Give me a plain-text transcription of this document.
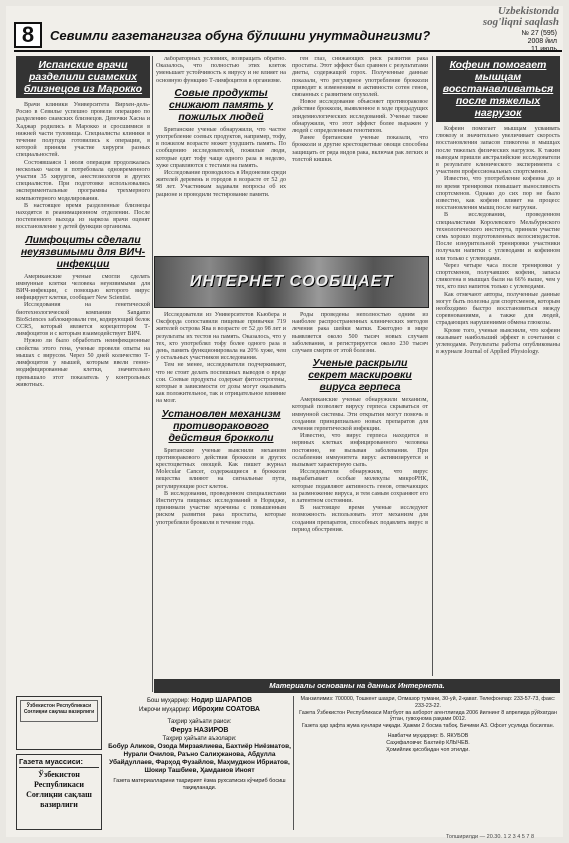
8	Севимли газетангизга обуна бўлишни унутмадингизми?
Uzbekistonda sog'liqni saqlash
№ 27 (595)
2008 йил
Испанские врачи разделили сиамских близнецов из Марокко

Врачи клиники Университета Вирхен-дель-Росио в Севилье успешно провели операцию по разделению сиамских близнецов. Девочки Хасна и Хаджар родились в Марокко и сросшимися в нижней части туловища. Специалисты клиники в течение полугода готовились к операции, в которой приняли участие хирурги разных специальностей.

Состоявшаяся 1 июля операция продолжалась несколько часов и потребовала одновременного участия 35 хирургов, анестезиологов и других специалистов. При подготовке использовались экспериментальные программы трехмерного компьютерного моделирования.

В настоящее время разделенные близнецы находятся в реанимационном отделении. После постепенного выхода из наркоза врачи оценят восстановление у детей функции организма.

Лимфоциты сделали неуязвимыми для ВИЧ-инфекции

Американские ученые смогли сделать иммунные клетки человека неуязвимыми для ВИЧ-инфекции, с помощью которого вирус инфицирует клетки, сообщает New Scientist.

Исследования на генетической биотехнологической компании Sangamo BioSciences заблокировали ген, кодирующий белок CCR5, который является корецептором Т-лимфоцитов и с которым взаимодействует ВИЧ.

Нужно ли было обработать неинфекционные свойства этого гена, ученые провели опыты на мышах с вирусом. Через 50 дней количество Т-лимфоцитов у мышей, которым ввели генно-модифицированные клетки, значительно превышало этот показатель у контрольных животных.

лабораторных условиях, возвращать обратно. Оказалось, что полностью этих клеток уменьшает устойчивость к вирусу и не влияет на основную функцию Т-лимфоцитов в организме.

Совые продукты снижают память у пожилых людей

Британские ученые обнаружили, что частое употребление соевых продуктов, например, тофу, в пожилом возрасте может ухудшить память. По сообщению исследователей, пожилые люди, которые едят тофу чаще одного раза в неделю, хуже справляются с тестами на память.

Исследование проводилось в Индонезии среди жителей деревень и городов в возрасте от 52 до 98 лет. Участникам задавали вопросы об их рационе и проводили тестирование памяти.

ген глаз, снижающих риск развития рака простаты. Этот эффект был сравнен с результатами диеты, содержащей горох. Полученные данные показали, что регулярное употребление брокколи приводит к изменениям в активности сотен генов, связанных с развитием опухолей.

Новое исследование объясняет противораковое действие брокколи, выявленное в ходе предыдущих эпидемиологических исследований. Ученые также обнаружили, что этот эффект более выражен у людей с определенным генотипом.

Ранее британские ученые показали, что брокколи и другие крестоцветные овощи способны защищать от ряда видов рака, включая рак легких и толстой кишки.

ИНТЕРНЕТ СООБЩАЕТ

Исследователи из Университетов Кьюбера и Оксфорда сопоставили пищевые привычки 719 жителей острова Ява в возрасте от 52 до 98 лет и результаты их тестов на память. Оказалось, что у тех, кто употреблял тофу более одного раза в день, память функционировала на 20% хуже, чем у остальных участников исследования.

Тем не менее, исследователи подчеркивают, что не стоит делать поспешных выводов о вреде сои. Соевые продукты содержат фитоэстрогены, которые в зависимости от дозы могут оказывать как положительное, так и отрицательное влияние на мозг.

Установлен механизм противоракового действия брокколи

Британские ученые выяснили механизм противоракового действия брокколи и других крестоцветных овощей. Как пишет журнал Molecular Cancer, содержащиеся в брокколи вещества влияют на сигнальные пути, регулирующие рост клеток.

В исследовании, проведенном специалистами Института пищевых исследований в Норидже, принимали участие мужчины с повышенным риском развития рака простаты, которые употребляли брокколи в течение года.

Роды проведены неполностью одним из наиболее распространенных клинических методов лечения рака шейки матки. Ежегодно в мире выявляется около 500 тысяч новых случаев заболевания, и регистрируется около 230 тысяч случаев смерти от этой болезни.

Ученые раскрыли секрет маскировки вируса герпеса

Американские ученые обнаружили механизм, который позволяет вирусу герпеса скрываться от иммунной системы. Эти открытия могут помочь в создании принципиально новых препаратов для лечения герпетической инфекции.

Известно, что вирус герпеса находится в нервных клетках инфицированного человека постоянно, не вызывая заболевания. При ослаблении иммунитета вирус активизируется и вызывает характерную сыпь.

Исследователи обнаружили, что вирус вырабатывает особые молекулы микроРНК, которые подавляют активность генов, отвечающих за размножение вируса, и тем самым сохраняют его в латентном состоянии.

В настоящее время ученые исследуют возможность использовать этот механизм для создания препаратов, способных подавлять вирус в период обострения.

Кофеин помогает мышцам восстанавливаться после тяжелых нагрузок

Кофеин помогает мышцам усваивать глюкозу и значительно увеличивает скорость восстановления запасов гликогена в мышцах после тяжелых физических нагрузок. К таким выводам пришли австралийские исследователи в результате клинического эксперимента с участием профессиональных спортсменов.

Известно, что употребление кофеина до и во время тренировки повышает выносливость спортсменов. Однако до сих пор не было известно, как кофеин влияет на процесс восстановления мышц после нагрузки.

В исследовании, проведенном специалистами Королевского Мельбурнского технологического института, приняли участие семь хорошо подготовленных велосипедистов. После изнурительной тренировки участники получали напитки с углеводами и кофеином или только с углеводами.

Через четыре часа после тренировки у спортсменов, получавших кофеин, запасы гликогена в мышцах были на 66% выше, чем у тех, кто пил напиток только с углеводами.

Как отмечают авторы, полученные данные могут быть полезны для спортсменов, которым необходимо быстро восстановиться между соревнованиями, а также для людей, страдающих нарушениями обмена глюкозы.

Кроме того, ученые выяснили, что кофеин оказывает наибольший эффект в сочетании с углеводами. Результаты работы опубликованы в журнале Journal of Applied Physiology.

Материалы основаны на данных Интернета.
Ўзбекистон Республикаси Соғлиқни сақлаш вазирлиги
Газета муассиси:
Ўзбекистон
Республикаси
Соғлиқни сақлаш
вазирлиги
Бош муҳаррир: Нодир ШАРАПОВ
Ижрочи муҳаррир: Иброҳим СОАТОВА
Таҳрир ҳайъати раиси:
Феруз НАЗИРОВ
Таҳрир ҳайъати аъзолари:
Бобур Аликов, Озода Мирзаялиева, Бахтиёр Ниёзматов, Нурали Очилов, Раъно Салиҳжанова, Абдулла Убайдуллаев, Фарҳод Фузайлов, Маҳмуджон Ибриатов, Шокир Ташбиев, Ҳамдамов Иноят
Газета материалларини таҳририят ёзма рухсатисиз кўчириб босиш тақиқланади.
Манзилимиз: 700000, Тошкент шаҳри, Олмазор тумани, 30-уй, 2-қават. Телефонлар: 233-57-73, факс: 233-23-22.
Газета Ўзбекистон Республикаси Матбуот ва ахборот агентлигида 2006 йилнинг 8 апрелида рўйхатдан ўтган, гувоҳнома рақами 0012.
Газета ҳар ҳафта жума кунлари чиқади. Ҳажми 2 босма табоқ. Бичими А3. Офсет усулида босилган.
Навбатчи муҳаррир: Б. ЯКУБОВ
Саҳифаловчи: Бахтиёр КЛЫЧЕВ.
Ҳомийлик ҳисобидан чоп этилди.
Топширилди — 20.30. 1 2 3 4 5 7 8
